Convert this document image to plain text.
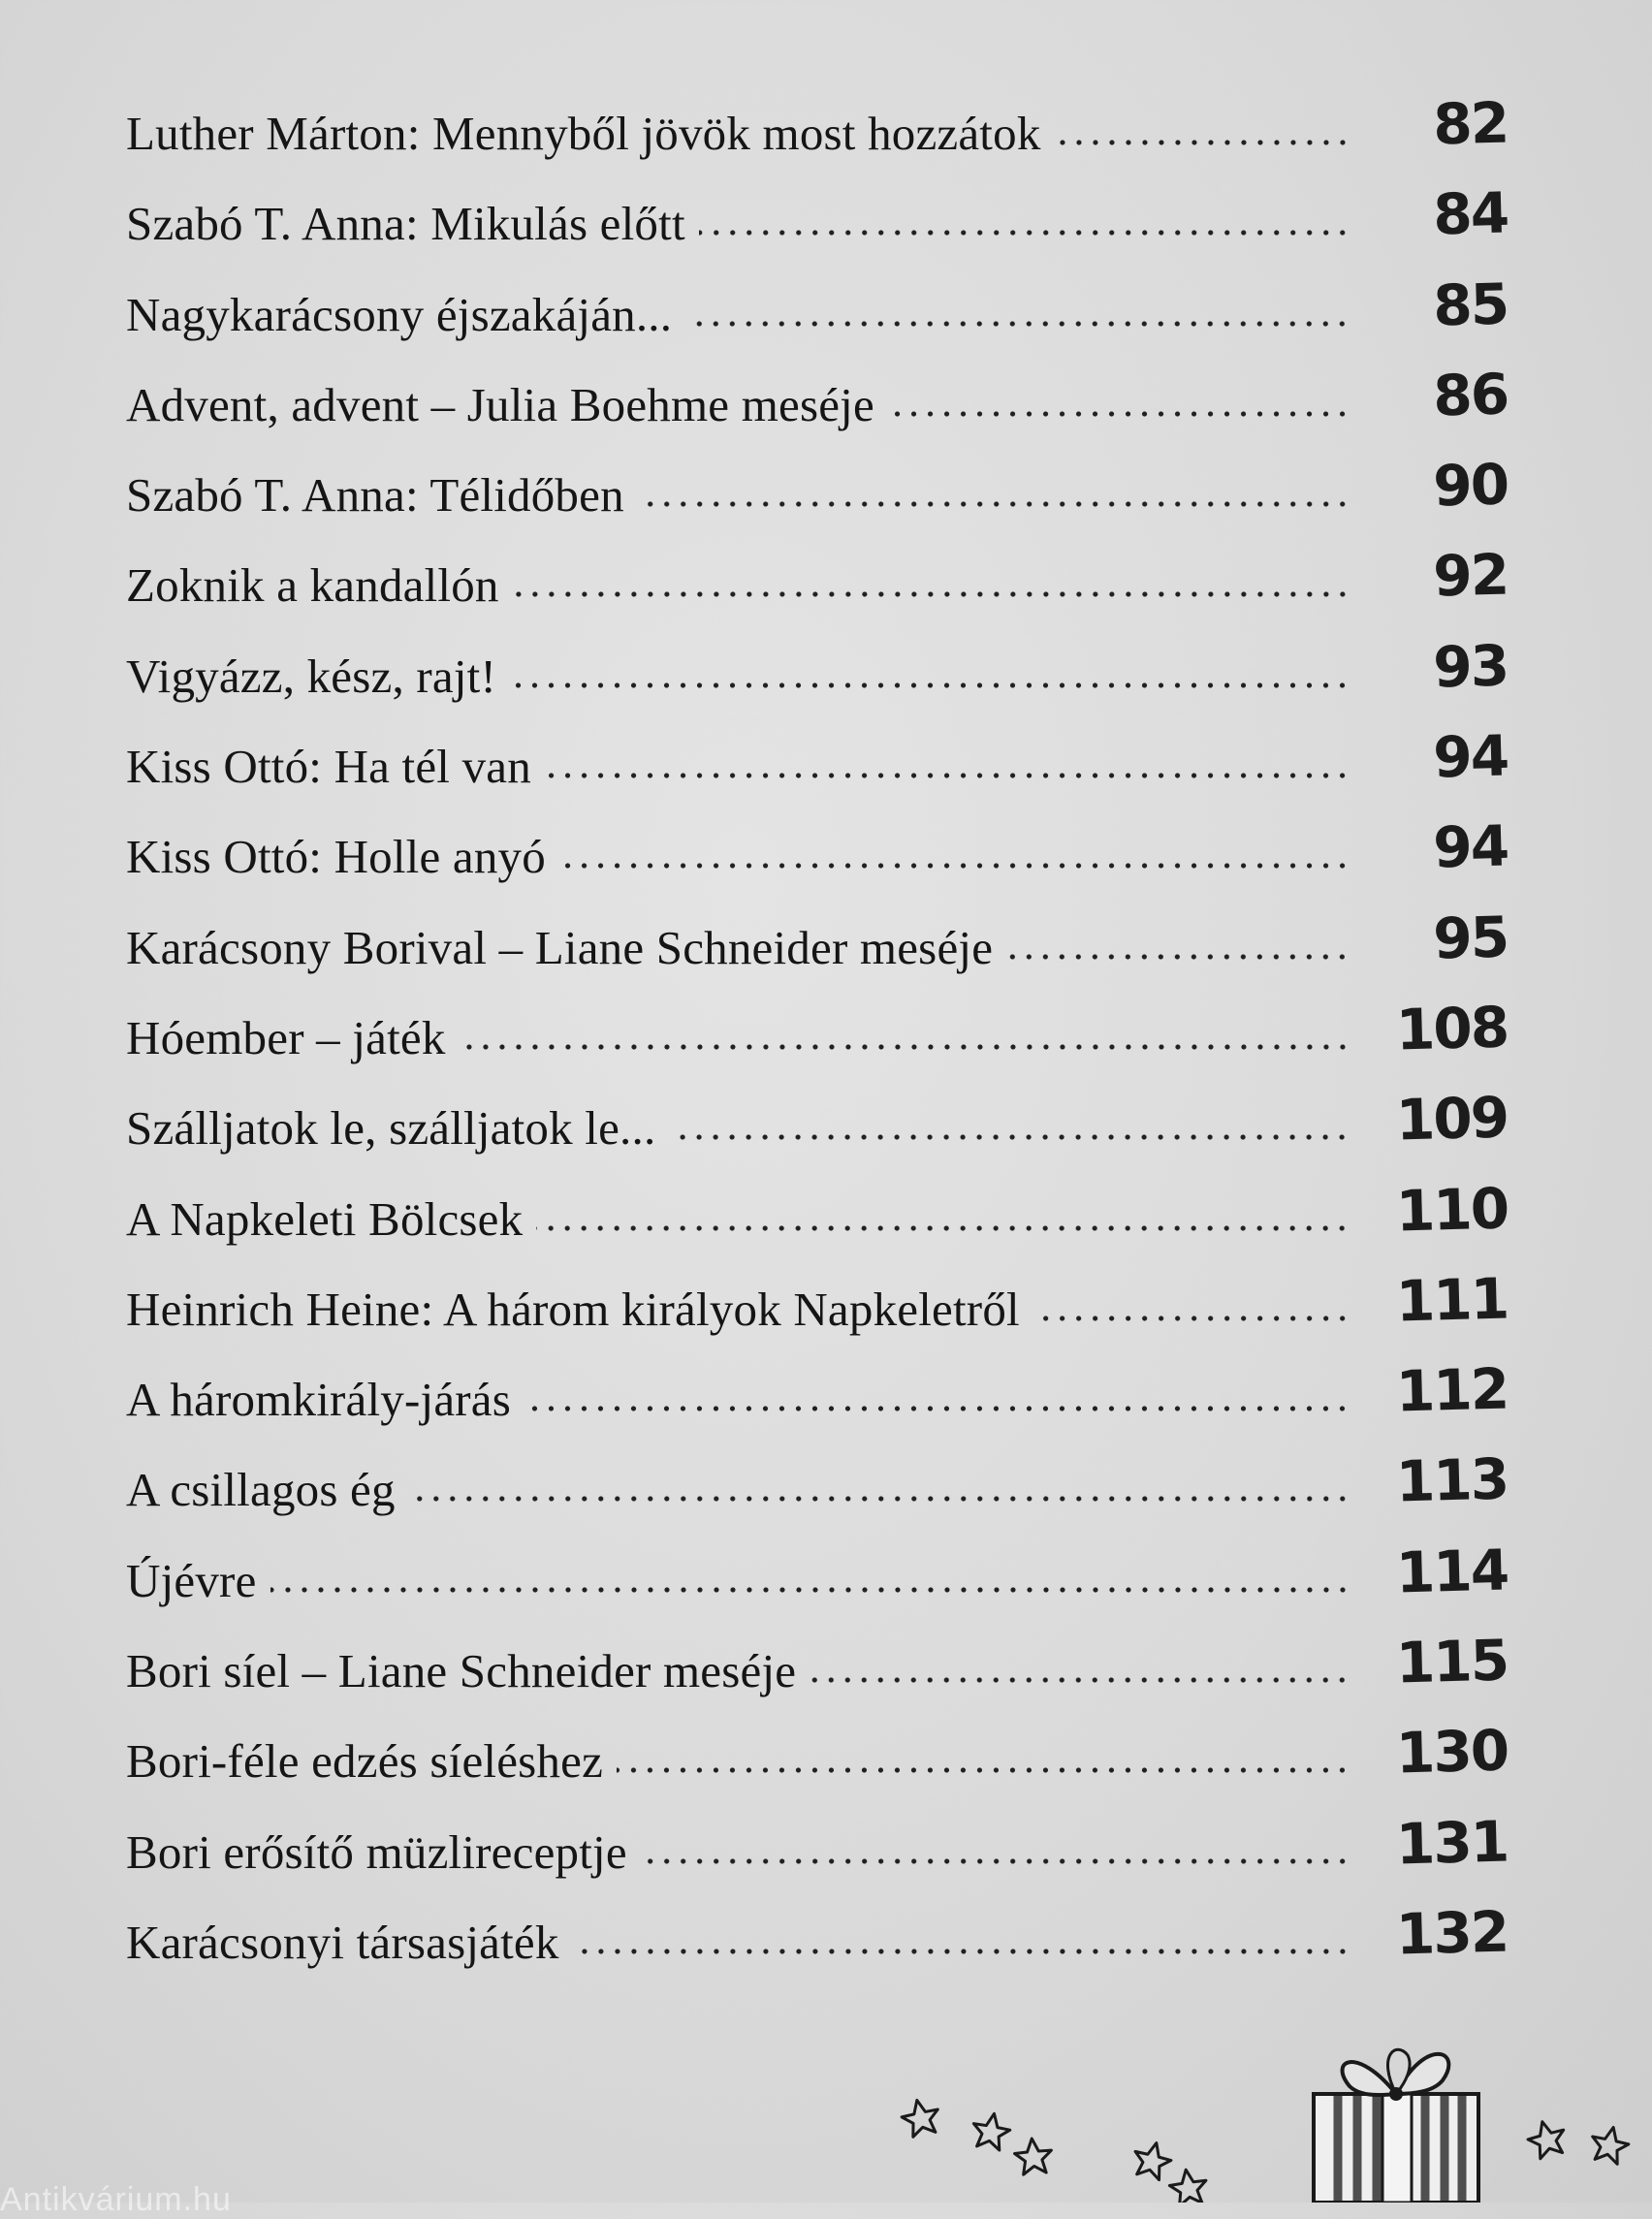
Luther Márton: Mennyből jövök most hozzátok	82
Szabó T. Anna: Mikulás előtt	84
Nagykarácsony éjszakáján...	85
Advent, advent – Julia Boehme meséje	86
Szabó T. Anna: Télidőben	90
Zoknik a kandallón	92
Vigyázz, kész, rajt!	93
Kiss Ottó: Ha tél van	94
Kiss Ottó: Holle anyó	94
Karácsony Borival – Liane Schneider meséje	95
Hóember – játék	108
Szálljatok le, szálljatok le...	109
A Napkeleti Bölcsek	110
Heinrich Heine: A három királyok Napkeletről	111
A háromkirály-járás	112
A csillagos ég	113
Újévre	114
Bori síel – Liane Schneider meséje	115
Bori-féle edzés síeléshez	130
Bori erősítő müzlireceptje	131
Karácsonyi társasjáték	132
Antikvárium.hu
